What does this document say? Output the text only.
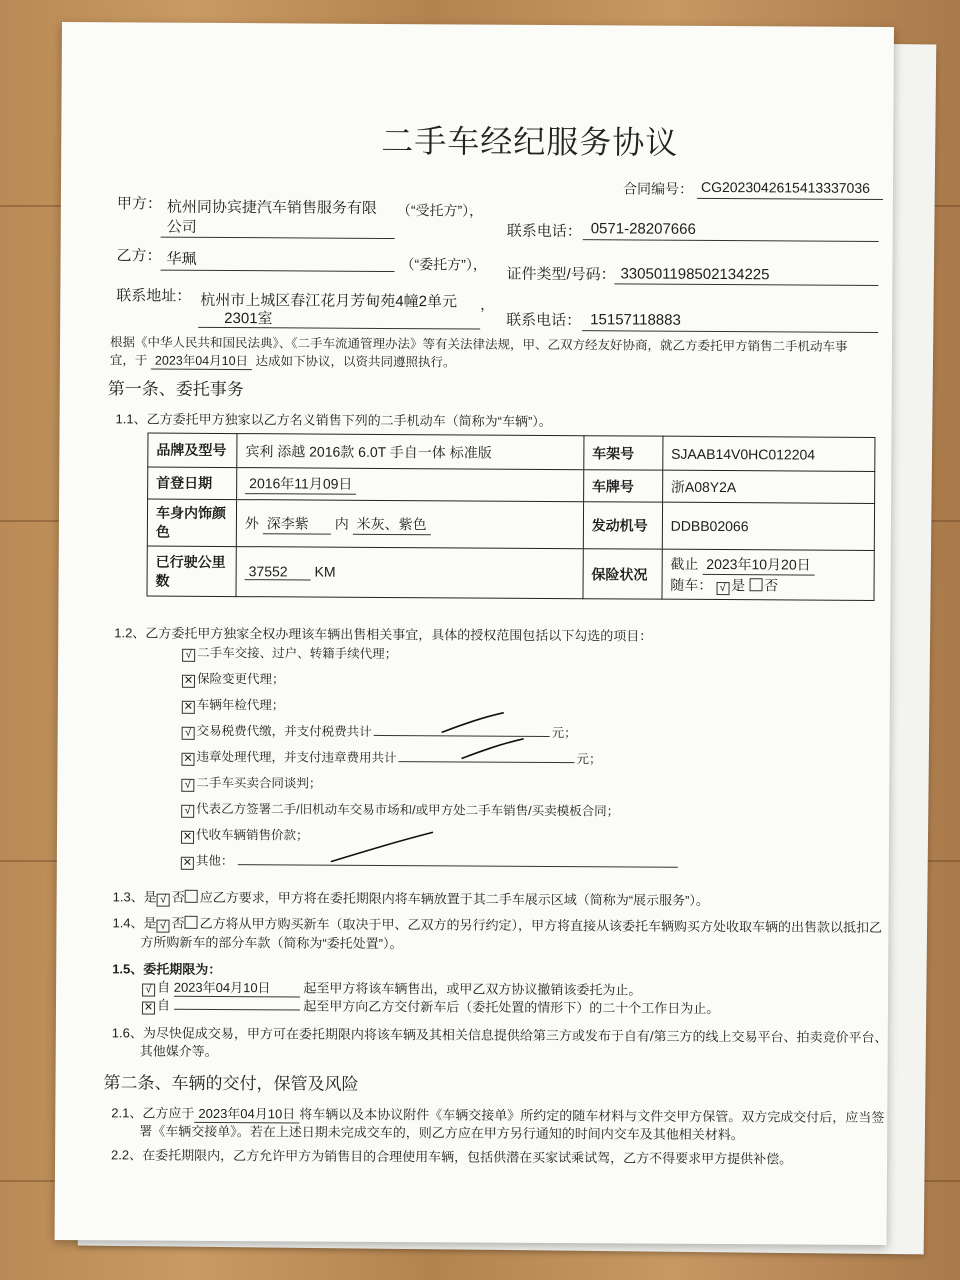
二手车经纪服务协议
合同编号： CG2023042615413337036
甲方： 杭州同协宾捷汽车销售服务有限
公司
（“受托方”），
联系电话： 0571-28207666
乙方： 华珮	（“委托方”），
证件类型/号码： 330501198502134225
联系地址： 杭州市上城区春江花月芳甸苑4幢2单元
2301室
，
联系电话： 15157118883
根据《中华人民共和国民法典》、《二手车流通管理办法》等有关法律法规，甲、乙双方经友好协商，就乙方委托甲方销售二手机动车事
宜，于 2023年04月10日 达成如下协议，以资共同遵照执行。
第一条、委托事务
1.1、乙方委托甲方独家以乙方名义销售下列的二手机动车（简称为“车辆”）。
品牌及型号	宾利 添越 2016款 6.0T 手自一体 标准版	车架号	SJAAB14V0HC012204
首登日期	2016年11月09日	车牌号	浙A08Y2A
车身内饰颜色	外 深李紫 内 米灰、紫色	发动机号	DDBB02066
已行驶公里数	37552 KM	保险状况	截止 2023年10月20日
随车： √ 是 否
1.2、乙方委托甲方独家全权办理该车辆出售相关事宜，具体的授权范围包括以下勾选的项目：
√ 二手车交接、过户、转籍手续代理；
✕ 保险变更代理；
✕ 车辆年检代理；
√ 交易税费代缴，并支付税费共计	元；
✕ 违章处理代理，并支付违章费用共计	元；
√ 二手车买卖合同谈判；
√ 代表乙方签署二手/旧机动车交易市场和/或甲方处二手车销售/买卖模板合同；
✕ 代收车辆销售价款；
✕ 其他：
1.3、是 √ 否 应乙方要求，甲方将在委托期限内将车辆放置于其二手车展示区域（简称为“展示服务”）。
1.4、是 √ 否 乙方将从甲方购买新车（取决于甲、乙双方的另行约定），甲方将直接从该委托车辆购买方处收取车辆的出售款以抵扣乙
方所购新车的部分车款（简称为“委托处置”）。
1.5、委托期限为：
√ 自 2023年04月10日	起至甲方将该车辆售出，或甲乙双方协议撤销该委托为止。
✕ 自	起至甲方向乙方交付新车后（委托处置的情形下）的二十个工作日为止。
1.6、为尽快促成交易，甲方可在委托期限内将该车辆及其相关信息提供给第三方或发布于自有/第三方的线上交易平台、拍卖竞价平台、
其他媒介等。
第二条、车辆的交付，保管及风险
2.1、乙方应于 2023年04月10日 将车辆以及本协议附件《车辆交接单》所约定的随车材料与文件交甲方保管。双方完成交付后，应当签
署《车辆交接单》。若在上述日期未完成交车的，则乙方应在甲方另行通知的时间内交车及其他相关材料。
2.2、在委托期限内，乙方允许甲方为销售目的合理使用车辆，包括供潜在买家试乘试驾，乙方不得要求甲方提供补偿。
